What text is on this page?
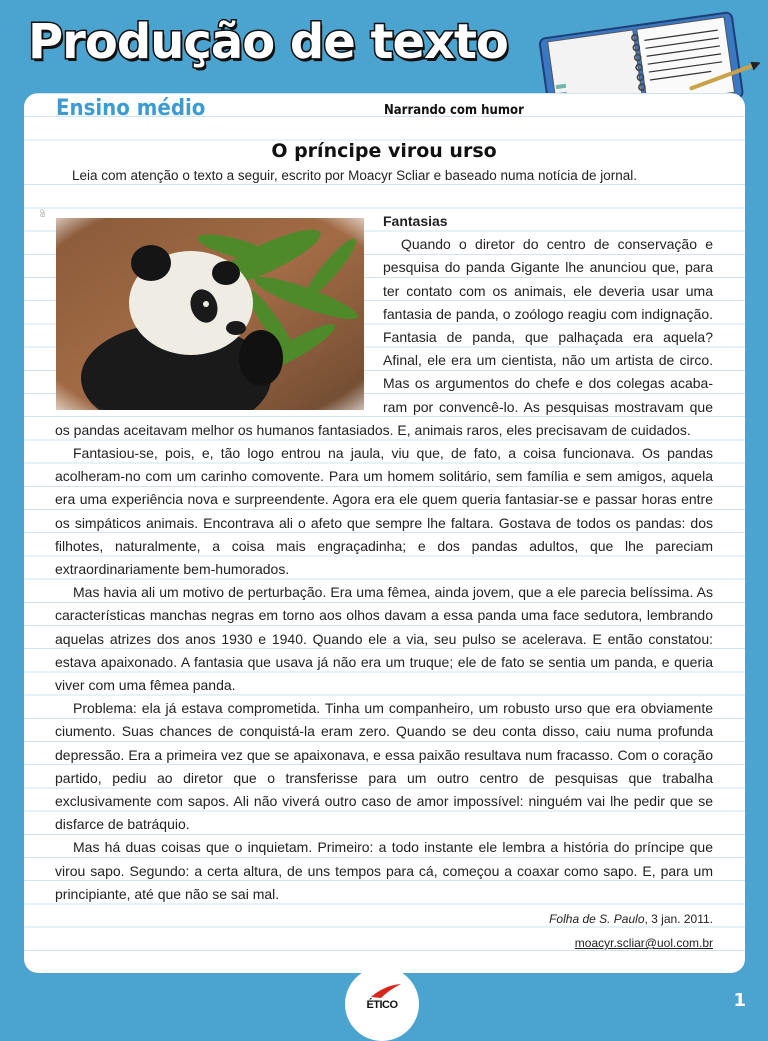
Produção de texto
Ensino médio	Narrando com humor
O príncipe virou urso
Leia com atenção o texto a seguir, escrito por Moacyr Scliar e baseado numa notícia de jornal.
BP
Fantasias

Quando o diretor do centro de conservação e pesquisa do panda Gigante lhe anunciou que, para ter contato com os animais, ele deveria usar uma fantasia de panda, o zoólogo reagiu com indignação. Fantasia de panda, que palhaçada era aquela? Afinal, ele era um cientista, não um artista de circo. Mas os argumentos do chefe e dos colegas acabaram por convencê-lo. As pesquisas mostravam que os pandas aceitavam melhor os humanos fantasiados. E, animais raros, eles precisavam de cuidados.

Fantasiou-se, pois, e, tão logo entrou na jaula, viu que, de fato, a coisa funcionava. Os pandas acolheram-no com um carinho comovente. Para um homem solitário, sem família e sem amigos, aquela era uma experiência nova e surpreendente. Agora era ele quem queria fantasiar-se e passar horas entre os simpáticos animais. Encontrava ali o afeto que sempre lhe faltara. Gostava de todos os pandas: dos filhotes, naturalmente, a coisa mais engraçadinha; e dos pandas adultos, que lhe pareciam extraordinariamente bem-humorados.

Mas havia ali um motivo de perturbação. Era uma fêmea, ainda jovem, que a ele parecia belíssima. As características manchas negras em torno aos olhos davam a essa panda uma face sedutora, lembrando aquelas atrizes dos anos 1930 e 1940. Quando ele a via, seu pulso se acelerava. E então constatou: estava apaixonado. A fantasia que usava já não era um truque; ele de fato se sentia um panda, e queria viver com uma fêmea panda.

Problema: ela já estava comprometida. Tinha um companheiro, um robusto urso que era obviamente ciumento. Suas chances de conquistá-la eram zero. Quando se deu conta disso, caiu numa profunda depressão. Era a primeira vez que se apaixonava, e essa paixão resultava num fracasso. Com o coração partido, pediu ao diretor que o transferisse para um outro centro de pesquisas que trabalha exclusivamente com sapos. Ali não viverá outro caso de amor impossível: ninguém vai lhe pedir que se disfarce de batráquio.

Mas há duas coisas que o inquietam. Primeiro: a todo instante ele lembra a história do príncipe que virou sapo. Segundo: a certa altura, de uns tempos para cá, começou a coaxar como sapo. E, para um principiante, até que não se sai mal.

Folha de S. Paulo, 3 jan. 2011.
moacyr.scliar@uol.com.br
ÉTICO	1
